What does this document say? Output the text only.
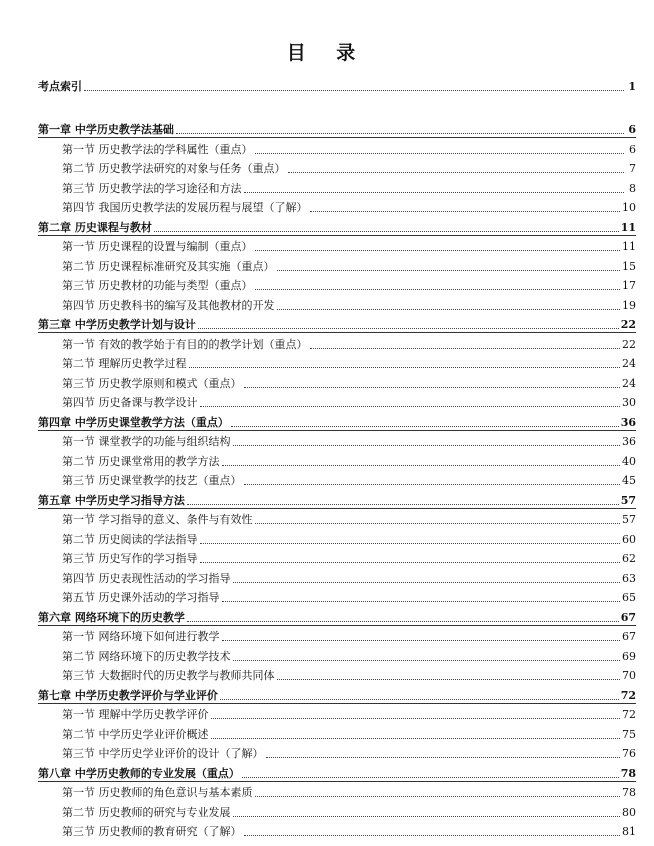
目 录
考点索引	1
第一章 中学历史教学法基础	6
第一节 历史教学法的学科属性（重点）	6
第二节 历史教学法研究的对象与任务（重点）	7
第三节 历史教学法的学习途径和方法	8
第四节 我国历史教学法的发展历程与展望（了解）	10
第二章 历史课程与教材	11
第一节 历史课程的设置与编制（重点）	11
第二节 历史课程标准研究及其实施（重点）	15
第三节 历史教材的功能与类型（重点）	17
第四节 历史教科书的编写及其他教材的开发	19
第三章 中学历史教学计划与设计	22
第一节 有效的教学始于有目的的教学计划（重点）	22
第二节 理解历史教学过程	24
第三节 历史教学原则和模式（重点）	24
第四节 历史备课与教学设计	30
第四章 中学历史课堂教学方法（重点）	36
第一节 课堂教学的功能与组织结构	36
第二节 历史课堂常用的教学方法	40
第三节 历史课堂教学的技艺（重点）	45
第五章 中学历史学习指导方法	57
第一节 学习指导的意义、条件与有效性	57
第二节 历史阅读的学法指导	60
第三节 历史写作的学习指导	62
第四节 历史表现性活动的学习指导	63
第五节 历史课外活动的学习指导	65
第六章 网络环境下的历史教学	67
第一节 网络环境下如何进行教学	67
第二节 网络环境下的历史教学技术	69
第三节 大数据时代的历史教学与教师共同体	70
第七章 中学历史教学评价与学业评价	72
第一节 理解中学历史教学评价	72
第二节 中学历史学业评价概述	75
第三节 中学历史学业评价的设计（了解）	76
第八章 中学历史教师的专业发展（重点）	78
第一节 历史教师的角色意识与基本素质	78
第二节 历史教师的研究与专业发展	80
第三节 历史教师的教育研究（了解）	81
